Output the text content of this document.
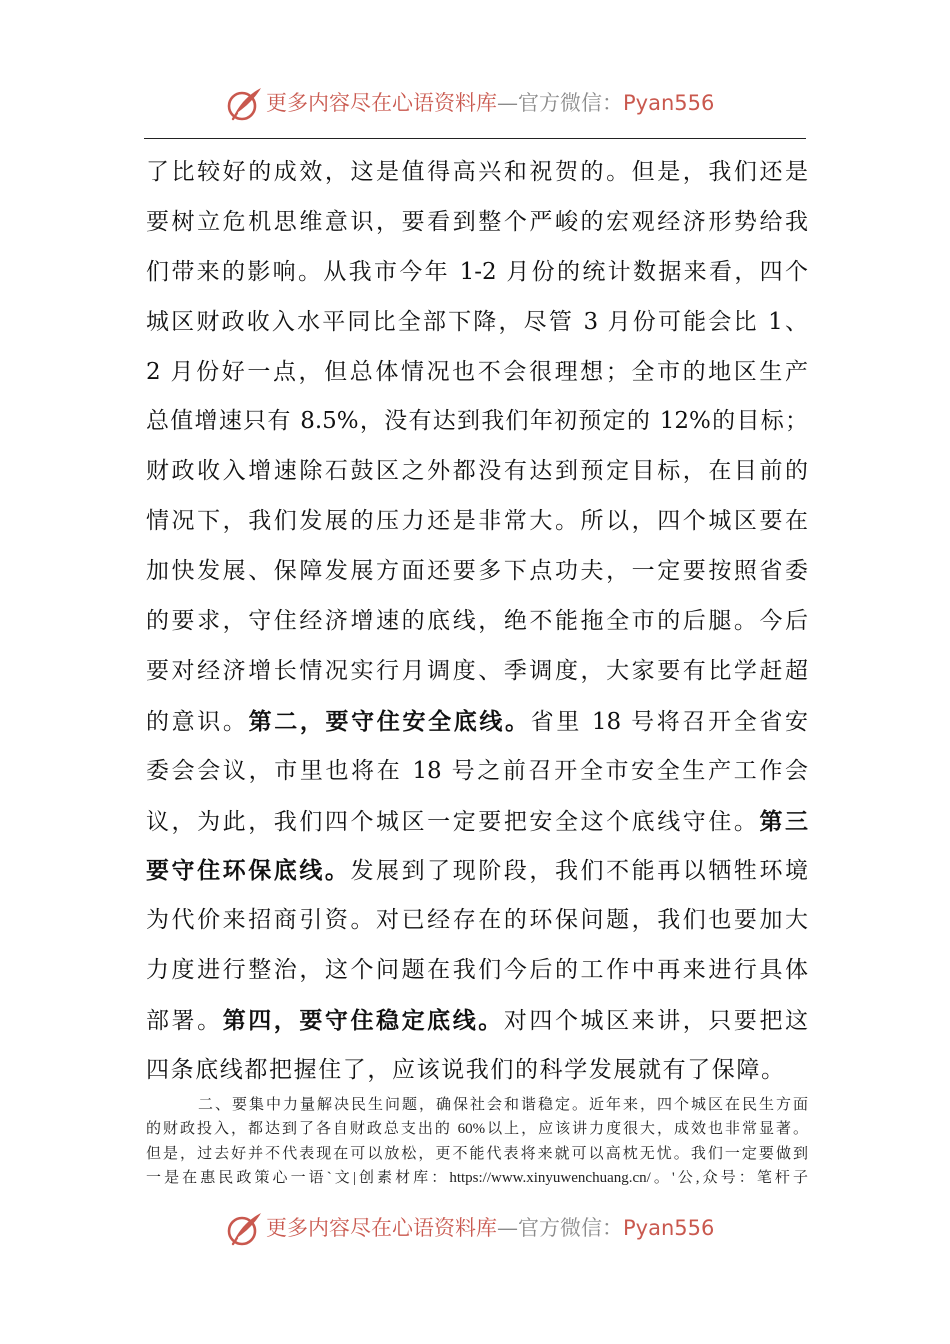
更多内容尽在心语资料库—官方微信：Pyan556
了比较好的成效，这是值得高兴和祝贺的。但是，我们还是
要树立危机思维意识，要看到整个严峻的宏观经济形势给我
们带来的影响。从我市今年 1-2 月份的统计数据来看，四个
城区财政收入水平同比全部下降，尽管 3 月份可能会比 1、
2 月份好一点，但总体情况也不会很理想；全市的地区生产
总值增速只有 8.5%，没有达到我们年初预定的 12%的目标；
财政收入增速除石鼓区之外都没有达到预定目标，在目前的
情况下，我们发展的压力还是非常大。所以，四个城区要在
加快发展、保障发展方面还要多下点功夫，一定要按照省委
的要求，守住经济增速的底线，绝不能拖全市的后腿。今后
要对经济增长情况实行月调度、季调度，大家要有比学赶超
的意识。第二，要守住安全底线。省里 18 号将召开全省安
委会会议，市里也将在 18 号之前召开全市安全生产工作会
议，为此，我们四个城区一定要把安全这个底线守住。第三
要守住环保底线。发展到了现阶段，我们不能再以牺牲环境
为代价来招商引资。对已经存在的环保问题，我们也要加大
力度进行整治，这个问题在我们今后的工作中再来进行具体
部署。第四，要守住稳定底线。对四个城区来讲，只要把这
四条底线都把握住了，应该说我们的科学发展就有了保障。
二、要集中力量解决民生问题，确保社会和谐稳定。近年来，四个城区在民生方面
的财政投入，都达到了各自财政总支出的 60%以上，应该讲力度很大，成效也非常显著。
但是，过去好并不代表现在可以放松，更不能代表将来就可以高枕无忧。我们一定要做到
一是在惠民政策心一语`文|创素材库：https://www.xinyuwenchuang.cn/。'公,众号：笔杆子
更多内容尽在心语资料库—官方微信：Pyan556
